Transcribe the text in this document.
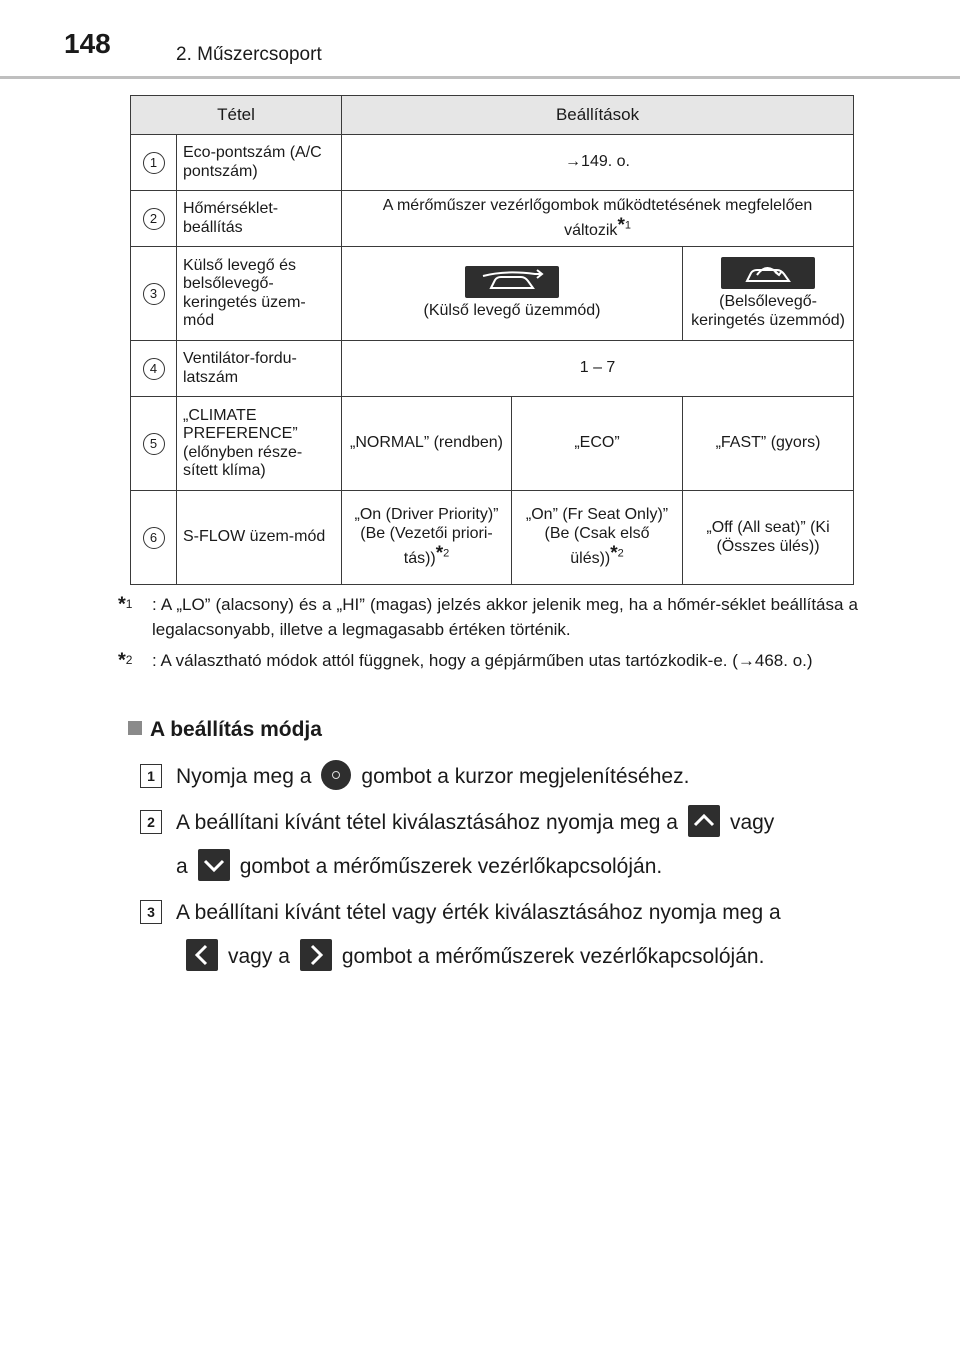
148	2. Műszercsoport
Tétel		Beállítások		
1	Eco-pontszám (A/C pontszám)	→149. o.		
2	Hőmérséklet-beállítás	A mérőműszer vezérlőgombok működtetésének megfelelően változik*$^1$
3	Külső levegő és belsőlevegő-keringetés üzem-mód	(Külső levegő üzemmód)		(Belsőlevegő-keringetés üzemmód)
4	Ventilátor-fordu-latszám	1 – 7		
5	„CLIMATE PREFERENCE” (előnyben része-sített klíma)	„NORMAL” (rendben)	„ECO”	„FAST” (gyors)
6	S-FLOW üzem-mód	„On (Driver Priority)” (Be (Vezetői priori-tás))*$^2$	„On” (Fr Seat Only)” (Be (Csak első ülés))*$^2$	„Off (All seat)” (Ki (Összes ülés))
*$^1$ : A „LO” (alacsony) és a „HI” (magas) jelzés akkor jelenik meg, ha a hőmér-séklet beállítása a legalacsonyabb, illetve a legmagasabb értéken történik.
*$^2$ : A választható módok attól függnek, hogy a gépjárműben utas tartózkodik-e. (→468. o.)
A beállítás módja
1	Nyomja meg a gombot a kurzor megjelenítéséhez.
2	A beállítani kívánt tétel kiválasztásához nyomja meg a vagy
a gombot a mérőműszerek vezérlőkapcsolóján.
3	A beállítani kívánt tétel vagy érték kiválasztásához nyomja meg a

vagy a gombot a mérőműszerek vezérlőkapcsolóján.
